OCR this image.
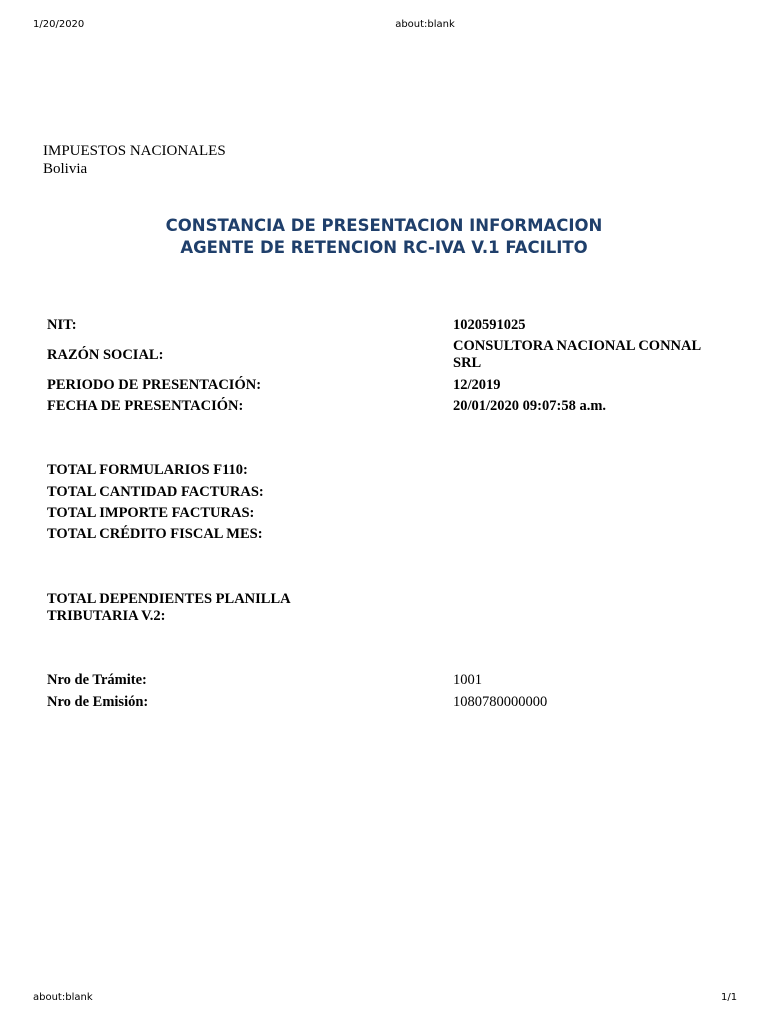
1/20/2020	about:blank
IMPUESTOS NACIONALES
Bolivia
CONSTANCIA DE PRESENTACION INFORMACION
AGENTE DE RETENCION RC-IVA V.1 FACILITO
NIT:	1020591025
RAZÓN SOCIAL:
CONSULTORA NACIONAL CONNAL
SRL
PERIODO DE PRESENTACIÓN:	12/2019
FECHA DE PRESENTACIÓN:	20/01/2020 09:07:58 a.m.
TOTAL FORMULARIOS F110:
TOTAL CANTIDAD FACTURAS:
TOTAL IMPORTE FACTURAS:
TOTAL CRÉDITO FISCAL MES:
TOTAL DEPENDIENTES PLANILLA
TRIBUTARIA V.2:
Nro de Trámite:	1001
Nro de Emisión:	1080780000000
about:blank	1/1
